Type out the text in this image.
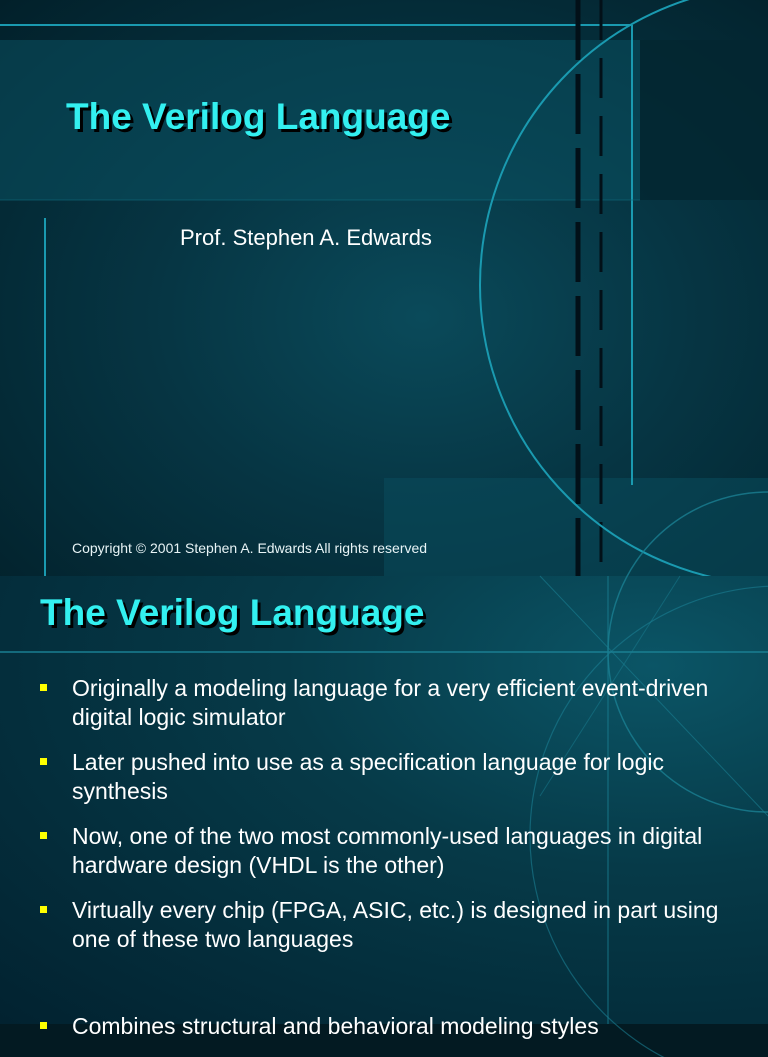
The Verilog Language
Prof. Stephen A. Edwards
Copyright © 2001 Stephen A. Edwards All rights reserved
The Verilog Language
Originally a modeling language for a very efficient event-driven digital logic simulator
Later pushed into use as a specification language for logic synthesis
Now, one of the two most commonly-used languages in digital hardware design (VHDL is the other)
Virtually every chip (FPGA, ASIC, etc.) is designed in part using one of these two languages
Combines structural and behavioral modeling styles
